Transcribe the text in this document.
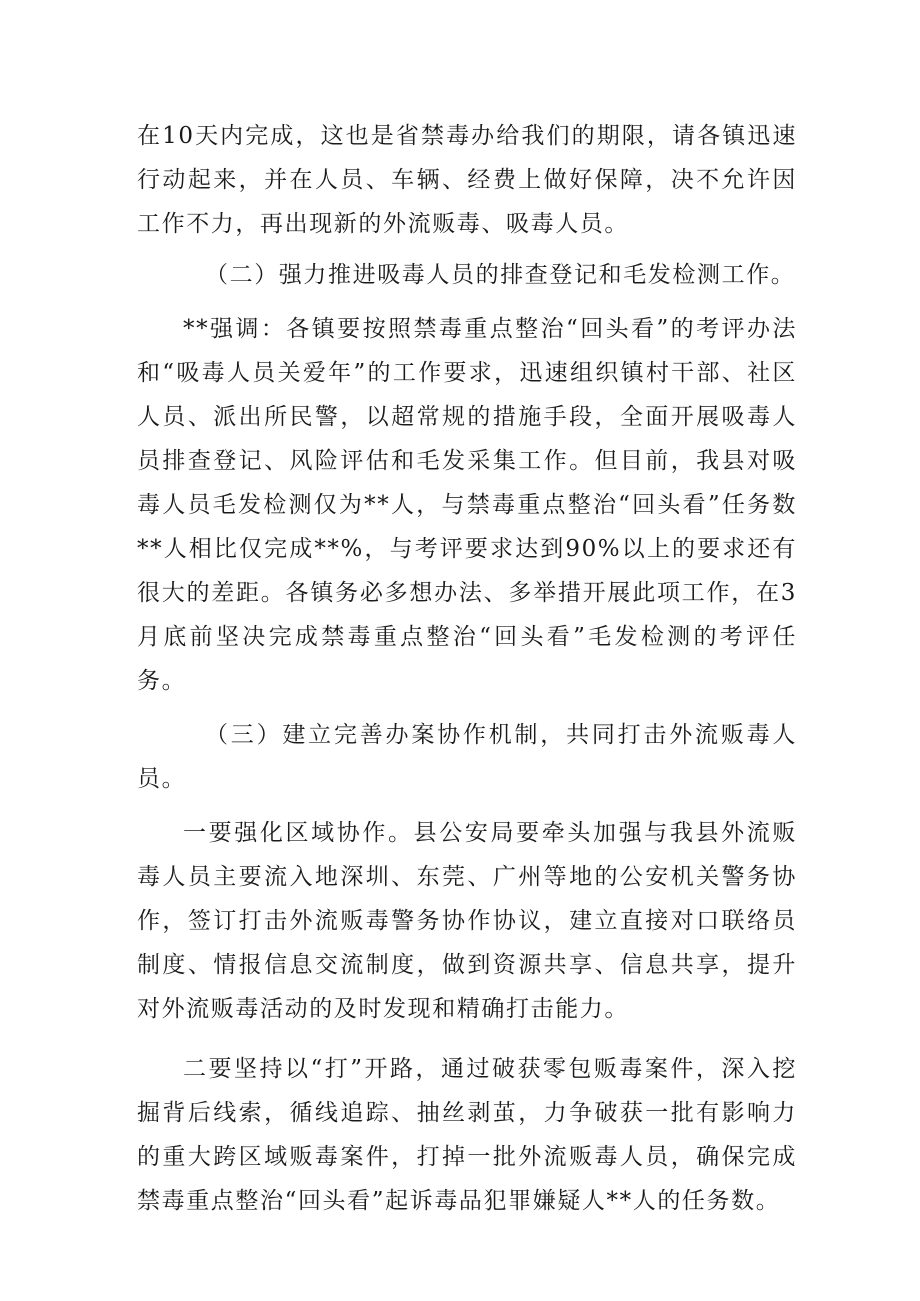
在10天内完成，这也是省禁毒办给我们的期限，请各镇迅速行动起来，并在人员、车辆、经费上做好保障，决不允许因工作不力，再出现新的外流贩毒、吸毒人员。

（二）强力推进吸毒人员的排查登记和毛发检测工作。

**强调：各镇要按照禁毒重点整治“回头看”的考评办法和“吸毒人员关爱年”的工作要求，迅速组织镇村干部、社区人员、派出所民警，以超常规的措施手段，全面开展吸毒人员排查登记、风险评估和毛发采集工作。但目前，我县对吸毒人员毛发检测仅为**人，与禁毒重点整治“回头看”任务数**人相比仅完成**%，与考评要求达到90%以上的要求还有很大的差距。各镇务必多想办法、多举措开展此项工作，在3月底前坚决完成禁毒重点整治“回头看”毛发检测的考评任务。

（三）建立完善办案协作机制，共同打击外流贩毒人员。

一要强化区域协作。县公安局要牵头加强与我县外流贩毒人员主要流入地深圳、东莞、广州等地的公安机关警务协作，签订打击外流贩毒警务协作协议，建立直接对口联络员制度、情报信息交流制度，做到资源共享、信息共享，提升对外流贩毒活动的及时发现和精确打击能力。

二要坚持以“打”开路，通过破获零包贩毒案件，深入挖掘背后线索，循线追踪、抽丝剥茧，力争破获一批有影响力的重大跨区域贩毒案件，打掉一批外流贩毒人员，确保完成禁毒重点整治“回头看”起诉毒品犯罪嫌疑人**人的任务数。
